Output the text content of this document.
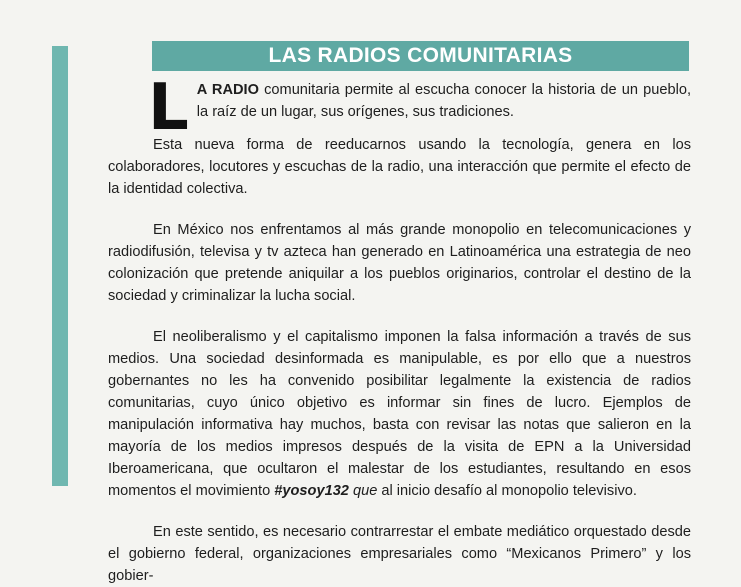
LAS RADIOS COMUNITARIAS
L A RADIO comunitaria permite al escucha conocer la historia de un pueblo, la raíz de un lugar, sus orígenes, sus tradiciones.

Esta nueva forma de reeducarnos usando la tecnología, genera en los colaboradores, locutores y escuchas de la radio, una interacción que permite el efecto de la identidad colectiva.

En México nos enfrentamos al más grande monopolio en telecomunicaciones y radiodifusión, televisa y tv azteca han generado en Latinoamérica una estrategia de neo colonización que pretende aniquilar a los pueblos originarios, controlar el destino de la sociedad y criminalizar la lucha social.

El neoliberalismo y el capitalismo imponen la falsa información a través de sus medios. Una sociedad desinformada es manipulable, es por ello que a nuestros gobernantes no les ha convenido posibilitar legalmente la existencia de radios comunitarias, cuyo único objetivo es informar sin fines de lucro. Ejemplos de manipulación informativa hay muchos, basta con revisar las notas que salieron en la mayoría de los medios impresos después de la visita de EPN a la Universidad Iberoamericana, que ocultaron el malestar de los estudiantes, resultando en esos momentos el movimiento #yosoy132 que al inicio desafío al monopolio televisivo.

En este sentido, es necesario contrarrestar el embate mediático orquestado desde el gobierno federal, organizaciones empresariales como “Mexicanos Primero” y los gobier-
